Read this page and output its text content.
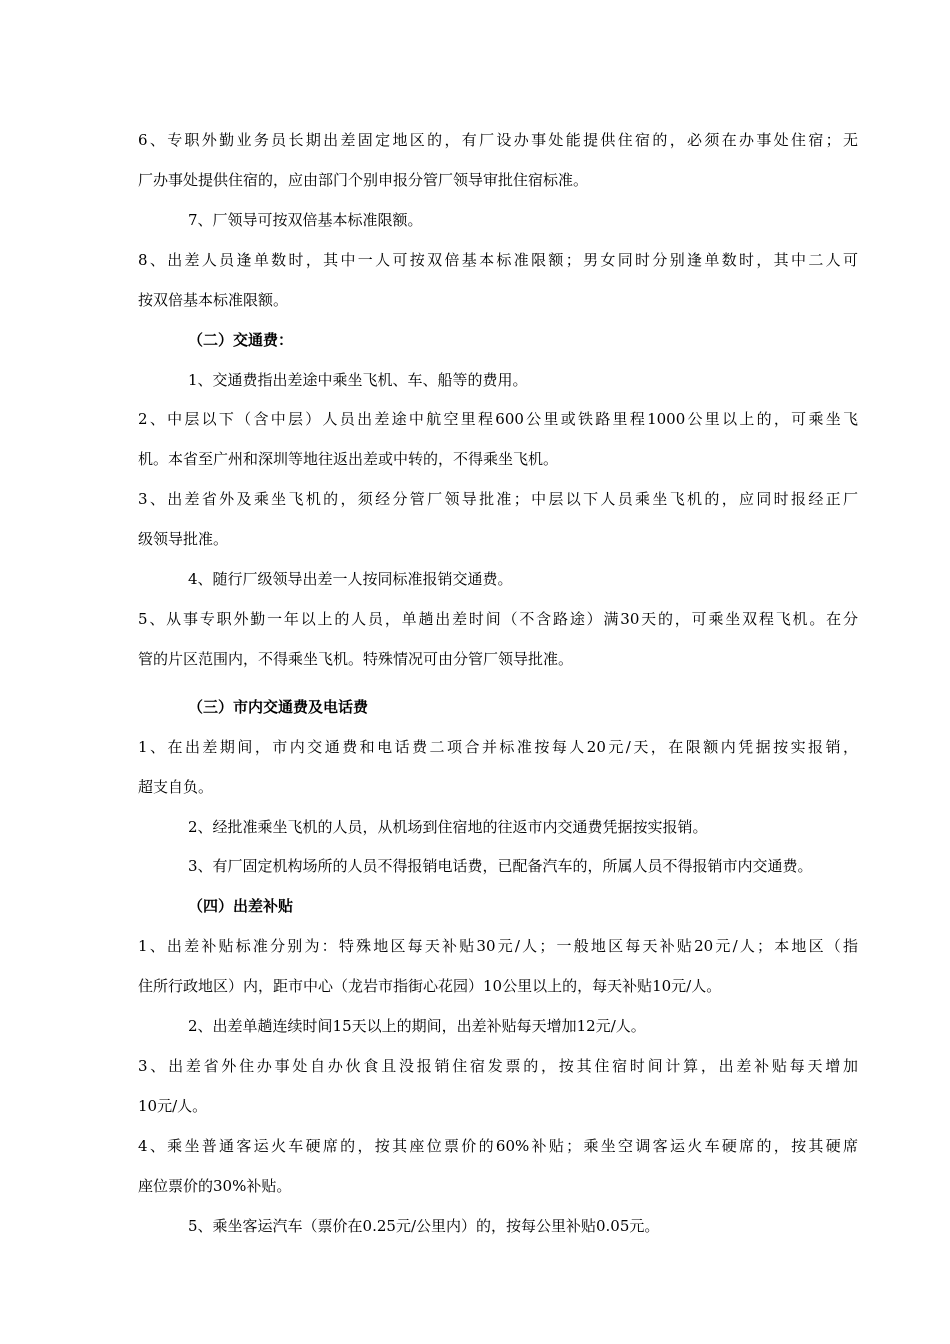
6、专职外勤业务员长期出差固定地区的，有厂设办事处能提供住宿的，必须在办事处住宿；无

厂办事处提供住宿的，应由部门个别申报分管厂领导审批住宿标准。

7、厂领导可按双倍基本标准限额。

8、出差人员逢单数时，其中一人可按双倍基本标准限额；男女同时分别逢单数时，其中二人可

按双倍基本标准限额。

（二）交通费：

1、交通费指出差途中乘坐飞机、车、船等的费用。

2、中层以下（含中层）人员出差途中航空里程600公里或铁路里程1000公里以上的，可乘坐飞

机。本省至广州和深圳等地往返出差或中转的，不得乘坐飞机。

3、出差省外及乘坐飞机的，须经分管厂领导批准；中层以下人员乘坐飞机的，应同时报经正厂

级领导批准。

4、随行厂级领导出差一人按同标准报销交通费。

5、从事专职外勤一年以上的人员，单趟出差时间（不含路途）满30天的，可乘坐双程飞机。在分

管的片区范围内，不得乘坐飞机。特殊情况可由分管厂领导批准。

（三）市内交通费及电话费

1、在出差期间，市内交通费和电话费二项合并标准按每人20元/天，在限额内凭据按实报销，

超支自负。

2、经批准乘坐飞机的人员，从机场到住宿地的往返市内交通费凭据按实报销。

3、有厂固定机构场所的人员不得报销电话费，已配备汽车的，所属人员不得报销市内交通费。

（四）出差补贴

1、出差补贴标准分别为：特殊地区每天补贴30元/人；一般地区每天补贴20元/人；本地区（指

住所行政地区）内，距市中心（龙岩市指街心花园）10公里以上的，每天补贴10元/人。

2、出差单趟连续时间15天以上的期间，出差补贴每天增加12元/人。

3、出差省外住办事处自办伙食且没报销住宿发票的，按其住宿时间计算，出差补贴每天增加

10元/人。

4、乘坐普通客运火车硬席的，按其座位票价的60%补贴；乘坐空调客运火车硬席的，按其硬席

座位票价的30%补贴。

5、乘坐客运汽车（票价在0.25元/公里内）的，按每公里补贴0.05元。
